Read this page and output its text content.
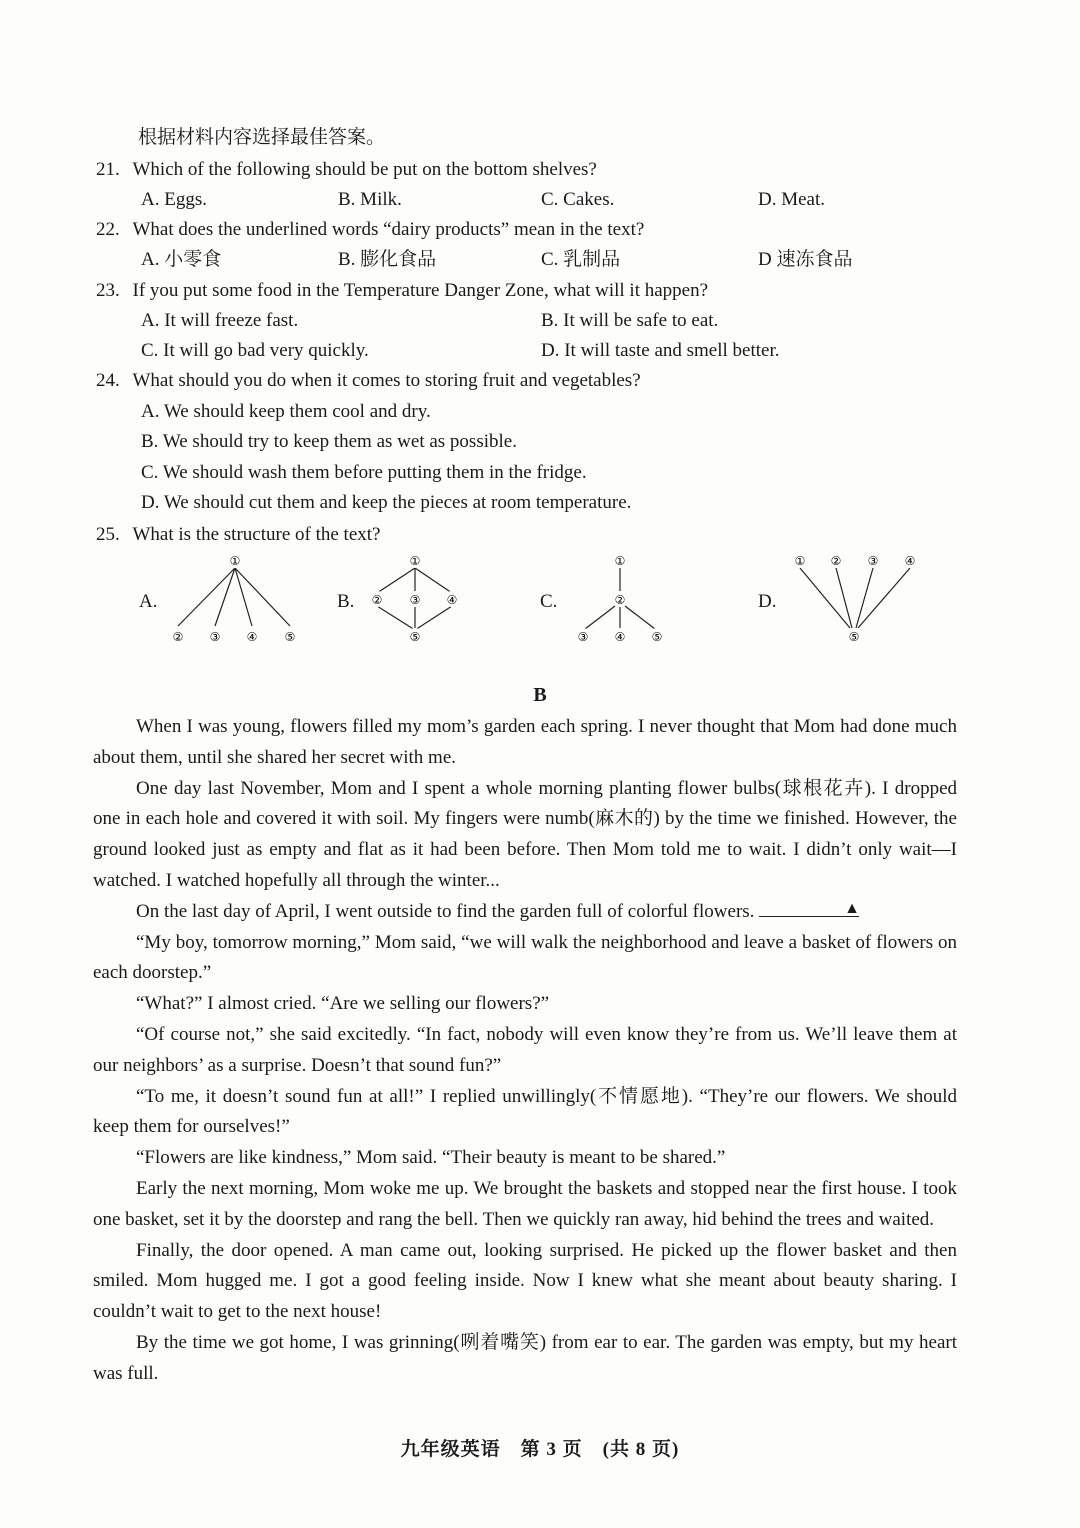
根据材料内容选择最佳答案。
21. Which of the following should be put on the bottom shelves?
A. Eggs.	B. Milk.	C. Cakes.	D. Meat.
22. What does the underlined words “dairy products” mean in the text?
A. 小零食	B. 膨化食品	C. 乳制品	D 速冻食品
23. If you put some food in the Temperature Danger Zone, what will it happen?
A. It will freeze fast.	B. It will be safe to eat.
C. It will go bad very quickly.	D. It will taste and smell better.
24. What should you do when it comes to storing fruit and vegetables?
A. We should keep them cool and dry.
B. We should try to keep them as wet as possible.
C. We should wash them before putting them in the fridge.
D. We should cut them and keep the pieces at room temperature.
25. What is the structure of the text?
A.	B.	C.	D.
①
② ③ ④ ⑤
①
② ③ ④
⑤
①
②
③ ④ ⑤
① ② ③ ④
⑤
B

When I was young, flowers filled my mom’s garden each spring. I never thought that Mom had done much about them, until she shared her secret with me.

One day last November, Mom and I spent a whole morning planting flower bulbs(球根花卉). I dropped one in each hole and covered it with soil. My fingers were numb(麻木的) by the time we finished. However, the ground looked just as empty and flat as it had been before. Then Mom told me to wait. I didn’t only wait—I watched. I watched hopefully all through the winter...

On the last day of April, I went outside to find the garden full of colorful flowers.	▲

“My boy, tomorrow morning,” Mom said, “we will walk the neighborhood and leave a basket of flowers on each doorstep.”

“What?” I almost cried. “Are we selling our flowers?”

“Of course not,” she said excitedly. “In fact, nobody will even know they’re from us. We’ll leave them at our neighbors’ as a surprise. Doesn’t that sound fun?”

“To me, it doesn’t sound fun at all!” I replied unwillingly(不情愿地). “They’re our flowers. We should keep them for ourselves!”

“Flowers are like kindness,” Mom said. “Their beauty is meant to be shared.”

Early the next morning, Mom woke me up. We brought the baskets and stopped near the first house. I took one basket, set it by the doorstep and rang the bell. Then we quickly ran away, hid behind the trees and waited.

Finally, the door opened. A man came out, looking surprised. He picked up the flower basket and then smiled. Mom hugged me. I got a good feeling inside. Now I knew what she meant about beauty sharing. I couldn’t wait to get to the next house!

By the time we got home, I was grinning(咧着嘴笑) from ear to ear. The garden was empty, but my heart was full.

九年级英语　第 3 页　(共 8 页)
